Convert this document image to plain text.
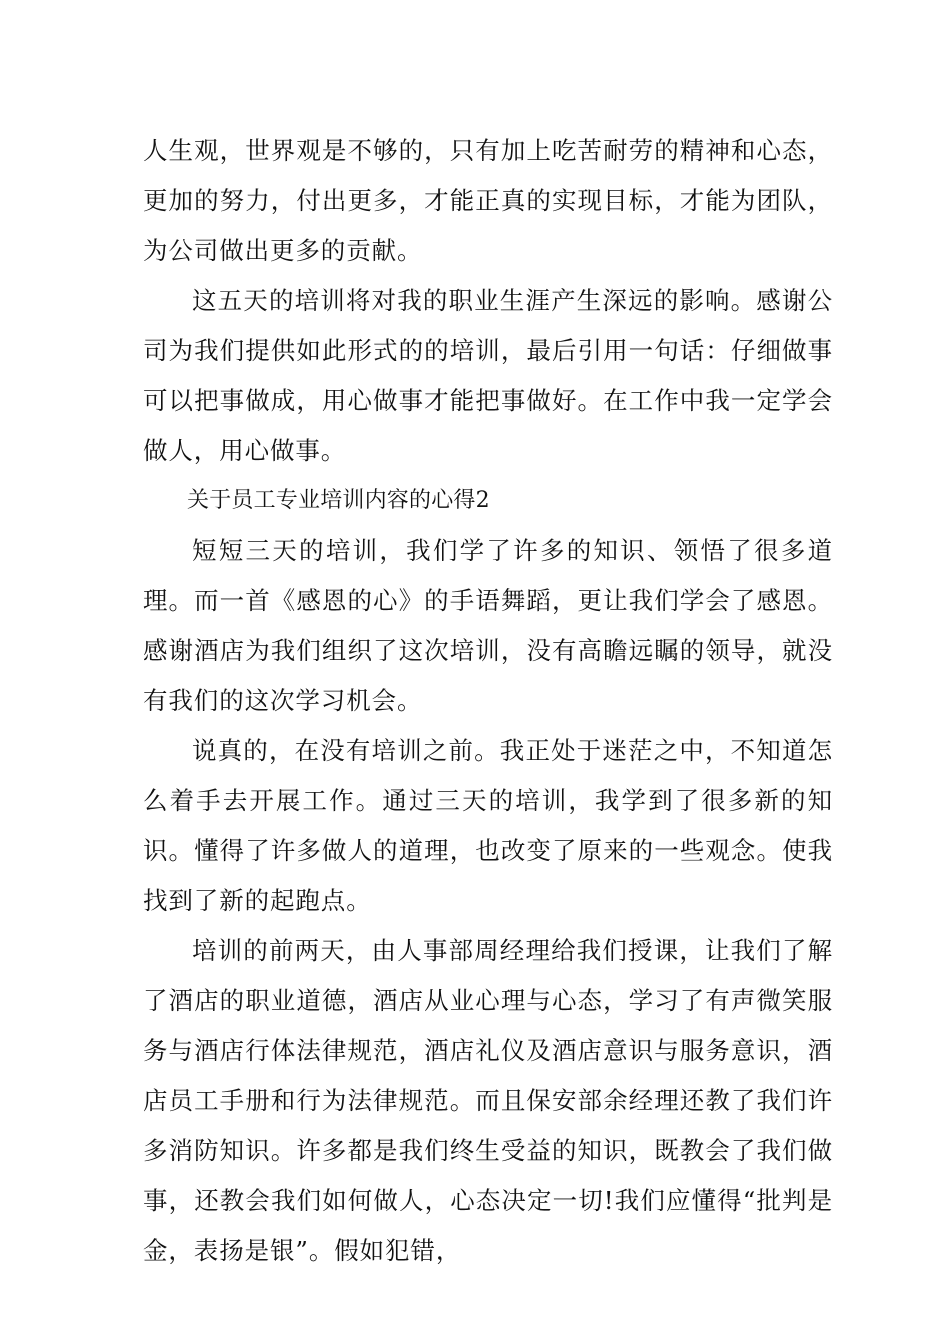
人生观，世界观是不够的，只有加上吃苦耐劳的精神和心态，更加的努力，付出更多，才能正真的实现目标，才能为团队，为公司做出更多的贡献。

这五天的培训将对我的职业生涯产生深远的影响。感谢公司为我们提供如此形式的的培训，最后引用一句话：仔细做事可以把事做成，用心做事才能把事做好。在工作中我一定学会做人，用心做事。

关于员工专业培训内容的心得2

短短三天的培训，我们学了许多的知识、领悟了很多道理。而一首《感恩的心》的手语舞蹈，更让我们学会了感恩。感谢酒店为我们组织了这次培训，没有高瞻远瞩的领导，就没有我们的这次学习机会。

说真的，在没有培训之前。我正处于迷茫之中，不知道怎么着手去开展工作。通过三天的培训，我学到了很多新的知识。懂得了许多做人的道理，也改变了原来的一些观念。使我找到了新的起跑点。

培训的前两天，由人事部周经理给我们授课，让我们了解了酒店的职业道德，酒店从业心理与心态，学习了有声微笑服务与酒店行体法律规范，酒店礼仪及酒店意识与服务意识，酒店员工手册和行为法律规范。而且保安部余经理还教了我们许多消防知识。许多都是我们终生受益的知识，既教会了我们做事，还教会我们如何做人，心态决定一切!我们应懂得“批判是金，表扬是银”。假如犯错，
